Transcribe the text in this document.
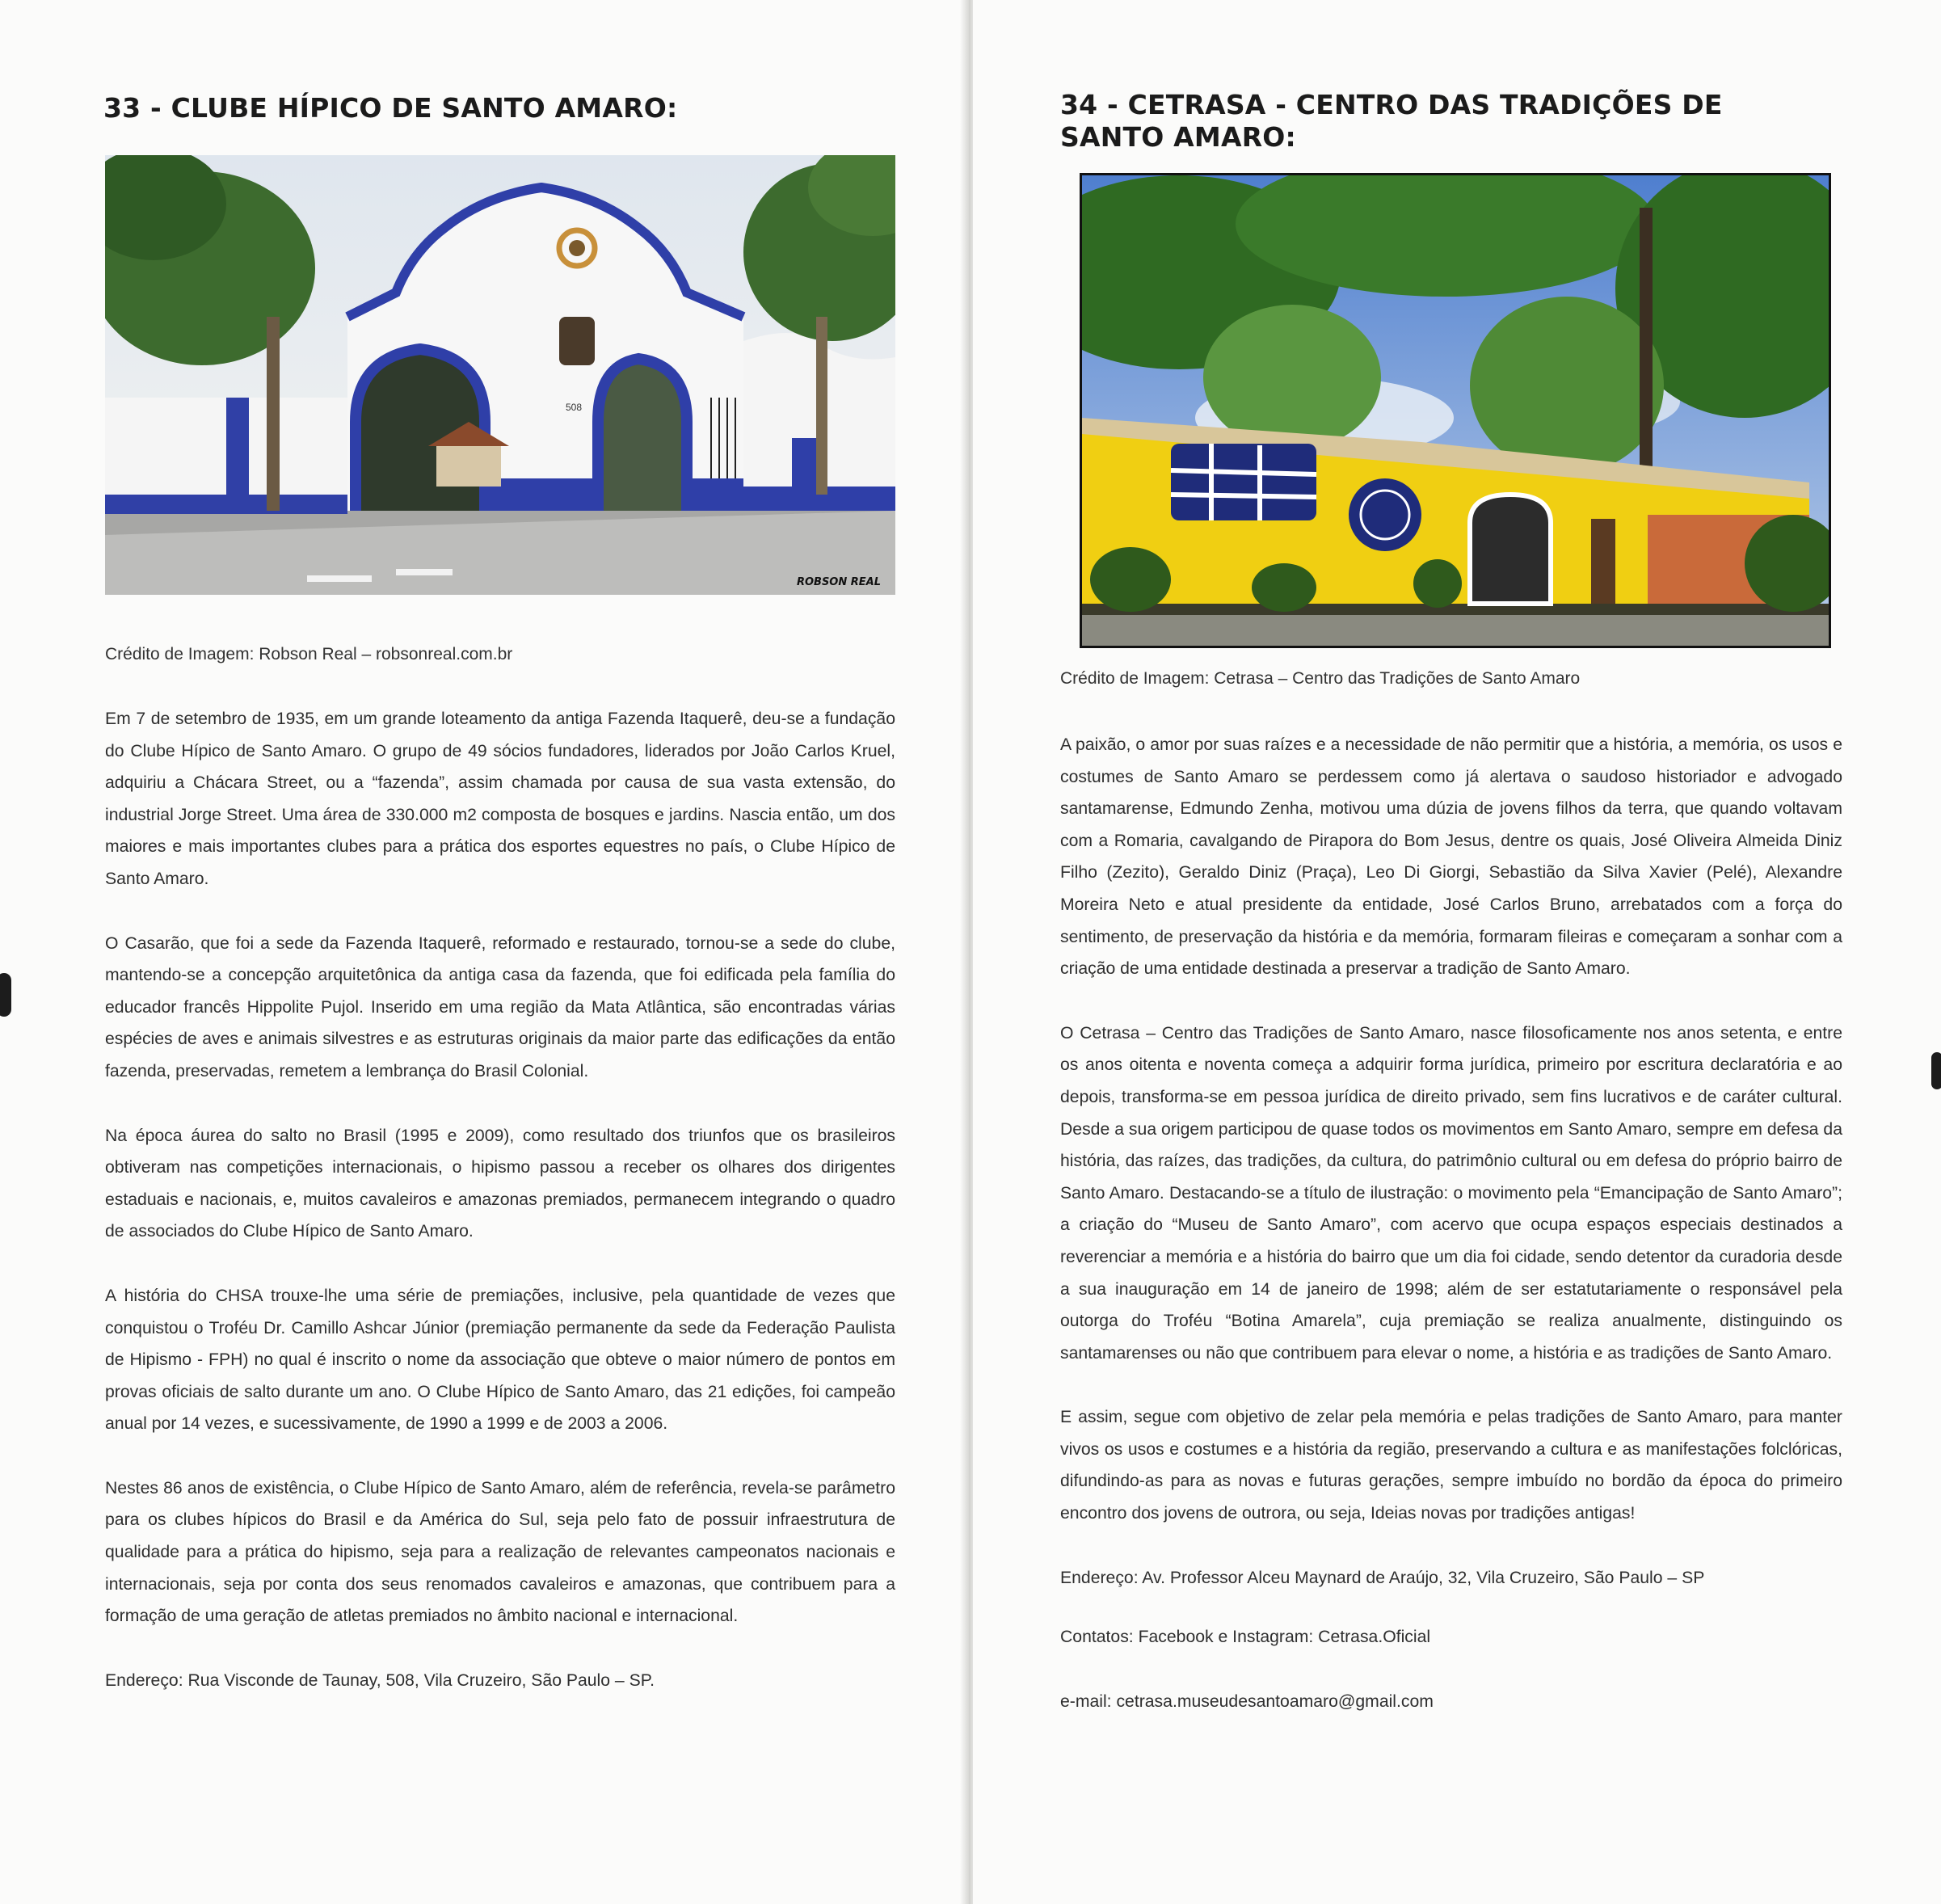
33 - CLUBE HÍPICO DE SANTO AMARO:
508
ROBSON REAL

Crédito de Imagem: Robson Real – robsonreal.com.br

Em 7 de setembro de 1935, em um grande loteamento da antiga Fazenda Itaquerê, deu-se a fundação do Clube Hípico de Santo Amaro. O grupo de 49 sócios fundadores, liderados por João Carlos Kruel, adquiriu a Chácara Street, ou a “fazenda”, assim chamada por causa de sua vasta extensão, do industrial Jorge Street. Uma área de 330.000 m2 composta de bosques e jardins. Nascia então, um dos maiores e mais importantes clubes para a prática dos esportes equestres no país, o Clube Hípico de Santo Amaro.

O Casarão, que foi a sede da Fazenda Itaquerê, reformado e restaurado, tornou-se a sede do clube, mantendo-se a concepção arquitetônica da antiga casa da fazenda, que foi edificada pela família do educador francês Hippolite Pujol. Inserido em uma região da Mata Atlântica, são encontradas várias espécies de aves e animais silvestres e as estruturas originais da maior parte das edificações da então fazenda, preservadas, remetem a lembrança do Brasil Colonial.

Na época áurea do salto no Brasil (1995 e 2009), como resultado dos triunfos que os brasileiros obtiveram nas competições internacionais, o hipismo passou a receber os olhares dos dirigentes estaduais e nacionais, e, muitos cavaleiros e amazonas premiados, permanecem integrando o quadro de associados do Clube Hípico de Santo Amaro.

A história do CHSA trouxe-lhe uma série de premiações, inclusive, pela quantidade de vezes que conquistou o Troféu Dr. Camillo Ashcar Júnior (premiação permanente da sede da Federação Paulista de Hipismo - FPH) no qual é inscrito o nome da associação que obteve o maior número de pontos em provas oficiais de salto durante um ano. O Clube Hípico de Santo Amaro, das 21 edições, foi campeão anual por 14 vezes, e sucessivamente, de 1990 a 1999 e de 2003 a 2006.

Nestes 86 anos de existência, o Clube Hípico de Santo Amaro, além de referência, revela-se parâmetro para os clubes hípicos do Brasil e da América do Sul, seja pelo fato de possuir infraestrutura de qualidade para a prática do hipismo, seja para a realização de relevantes campeonatos nacionais e internacionais, seja por conta dos seus renomados cavaleiros e amazonas, que contribuem para a formação de uma geração de atletas premiados no âmbito nacional e internacional.

Endereço: Rua Visconde de Taunay, 508, Vila Cruzeiro, São Paulo – SP.

34 - CETRASA - CENTRO DAS TRADIÇÕES DE
SANTO AMARO:

Crédito de Imagem: Cetrasa – Centro das Tradições de Santo Amaro

A paixão, o amor por suas raízes e a necessidade de não permitir que a história, a memória, os usos e costumes de Santo Amaro se perdessem como já alertava o saudoso historiador e advogado santamarense, Edmundo Zenha, motivou uma dúzia de jovens filhos da terra, que quando voltavam com a Romaria, cavalgando de Pirapora do Bom Jesus, dentre os quais, José Oliveira Almeida Diniz Filho (Zezito), Geraldo Diniz (Praça), Leo Di Giorgi, Sebastião da Silva Xavier (Pelé), Alexandre Moreira Neto e atual presidente da entidade, José Carlos Bruno, arrebatados com a força do sentimento, de preservação da história e da memória, formaram fileiras e começaram a sonhar com a criação de uma entidade destinada a preservar a tradição de Santo Amaro.

O Cetrasa – Centro das Tradições de Santo Amaro, nasce filosoficamente nos anos setenta, e entre os anos oitenta e noventa começa a adquirir forma jurídica, primeiro por escritura declaratória e ao depois, transforma-se em pessoa jurídica de direito privado, sem fins lucrativos e de caráter cultural. Desde a sua origem participou de quase todos os movimentos em Santo Amaro, sempre em defesa da história, das raízes, das tradições, da cultura, do patrimônio cultural ou em defesa do próprio bairro de Santo Amaro. Destacando-se a título de ilustração: o movimento pela “Emancipação de Santo Amaro”; a criação do “Museu de Santo Amaro”, com acervo que ocupa espaços especiais destinados a reverenciar a memória e a história do bairro que um dia foi cidade, sendo detentor da curadoria desde a sua inauguração em 14 de janeiro de 1998; além de ser estatutariamente o responsável pela outorga do Troféu “Botina Amarela”, cuja premiação se realiza anualmente, distinguindo os santamarenses ou não que contribuem para elevar o nome, a história e as tradições de Santo Amaro.

E assim, segue com objetivo de zelar pela memória e pelas tradições de Santo Amaro, para manter vivos os usos e costumes e a história da região, preservando a cultura e as manifestações folclóricas, difundindo-as para as novas e futuras gerações, sempre imbuído no bordão da época do primeiro encontro dos jovens de outrora, ou seja, Ideias novas por tradições antigas!

Endereço: Av. Professor Alceu Maynard de Araújo, 32, Vila Cruzeiro, São Paulo – SP

Contatos: Facebook e Instagram: Cetrasa.Oficial

e-mail: cetrasa.museudesantoamaro@gmail.com
